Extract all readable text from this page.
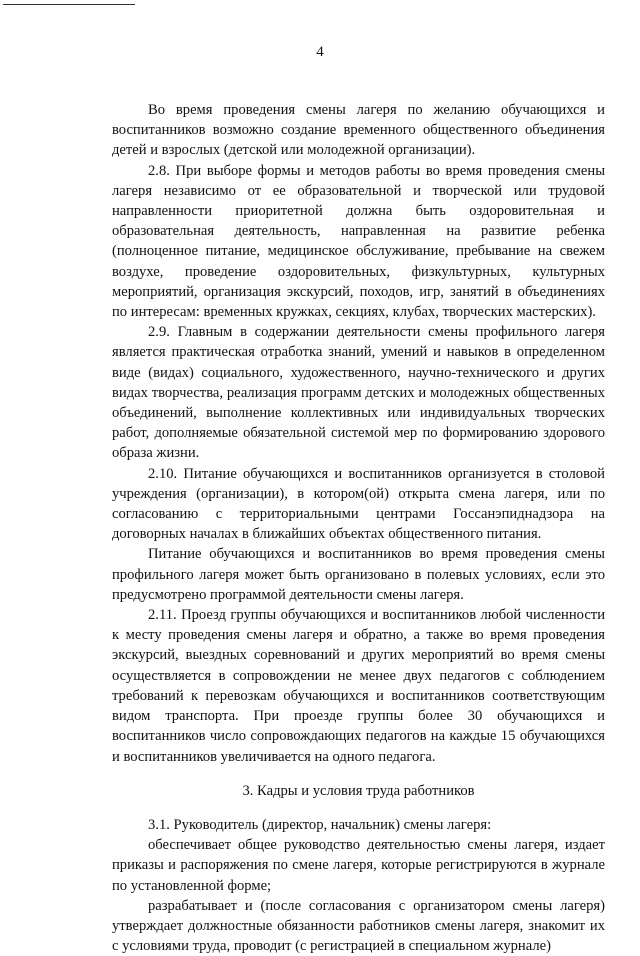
4

Во время проведения смены лагеря по желанию обучающихся и воспитанников возможно создание временного общественного объединения детей и взрослых (детской или молодежной организации).

2.8. При выборе формы и методов работы во время проведения смены лагеря независимо от ее образовательной и творческой или трудовой направленности приоритетной должна быть оздоровительная и образовательная деятельность, направленная на развитие ребенка (полноценное питание, медицинское обслуживание, пребывание на свежем воздухе, проведение оздоровительных, физкультурных, культурных мероприятий, организация экскурсий, походов, игр, занятий в объединениях по интересам: временных кружках, секциях, клубах, творческих мастерских).

2.9. Главным в содержании деятельности смены профильного лагеря является практическая отработка знаний, умений и навыков в определенном виде (видах) социального, художественного, научно-технического и других видах творчества, реализация программ детских и молодежных общественных объединений, выполнение коллективных или индивидуальных творческих работ, дополняемые обязательной системой мер по формированию здорового образа жизни.

2.10. Питание обучающихся и воспитанников организуется в столовой учреждения (организации), в котором(ой) открыта смена лагеря, или по согласованию с территориальными центрами Госсанэпиднадзора на договорных началах в ближайших объектах общественного питания.

Питание обучающихся и воспитанников во время проведения смены профильного лагеря может быть организовано в полевых условиях, если это предусмотрено программой деятельности смены лагеря.

2.11. Проезд группы обучающихся и воспитанников любой численности к месту проведения смены лагеря и обратно, а также во время проведения экскурсий, выездных соревнований и других мероприятий во время смены осуществляется в сопровождении не менее двух педагогов с соблюдением требований к перевозкам обучающихся и воспитанников соответствующим видом транспорта. При проезде группы более 30 обучающихся и воспитанников число сопровождающих педагогов на каждые 15 обучающихся и воспитанников увеличивается на одного педагога.

3. Кадры и условия труда работников

3.1. Руководитель (директор, начальник) смены лагеря:

обеспечивает общее руководство деятельностью смены лагеря, издает приказы и распоряжения по смене лагеря, которые регистрируются в журнале по установленной форме;

разрабатывает и (после согласования с организатором смены лагеря) утверждает должностные обязанности работников смены лагеря, знакомит их с условиями труда, проводит (с регистрацией в специальном журнале)
